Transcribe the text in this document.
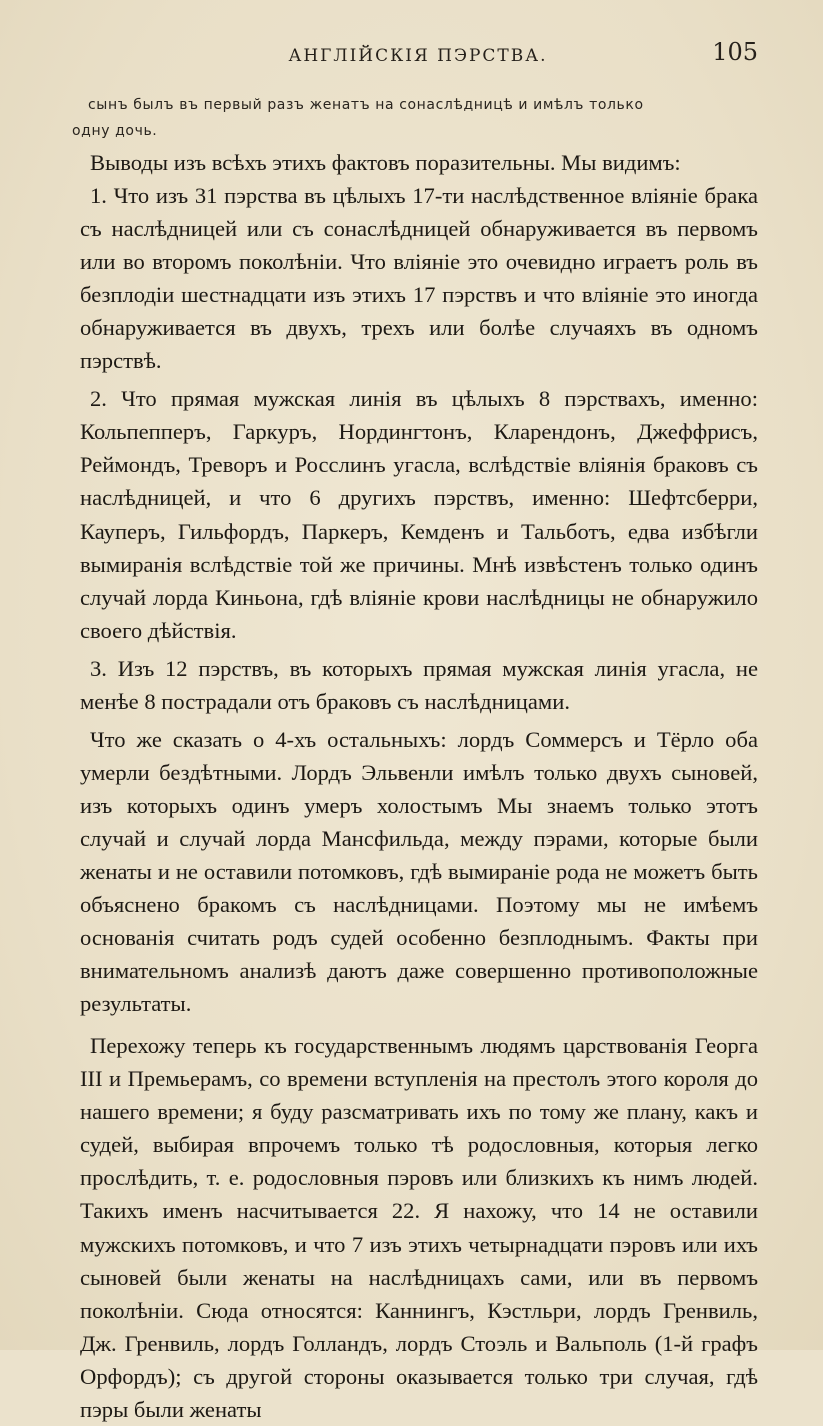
АНГЛІЙСКІЯ ПЭРСТВА.	105
сынъ былъ въ первый разъ женатъ на сонаслѣдницѣ и имѣлъ только
одну дочь.

Выводы изъ всѣхъ этихъ фактовъ поразительны. Мы видимъ:

1. Что изъ 31 пэрства въ цѣлыхъ 17-ти наслѣдственное вліяніе брака съ наслѣдницей или съ сонаслѣдницей обнаруживается въ первомъ или во второмъ поколѣніи. Что вліяніе это очевидно играетъ роль въ безплодіи шестнадцати изъ этихъ 17 пэрствъ и что вліяніе это иногда обнаруживается въ двухъ, трехъ или болѣе случаяхъ въ одномъ пэрствѣ.

2. Что прямая мужская линія въ цѣлыхъ 8 пэрствахъ, именно: Кольпепперъ, Гаркуръ, Нордингтонъ, Кларендонъ, Джеффрисъ, Реймондъ, Треворъ и Росслинъ угасла, вслѣдствіе вліянія браковъ съ наслѣдницей, и что 6 другихъ пэрствъ, именно: Шефтсберри, Кауперъ, Гильфордъ, Паркеръ, Кемденъ и Тальботъ, едва избѣгли вымиранія вслѣдствіе той же причины. Мнѣ извѣстенъ только одинъ случай лорда Киньона, гдѣ вліяніе крови наслѣдницы не обнаружило своего дѣйствія.

3. Изъ 12 пэрствъ, въ которыхъ прямая мужская линія угасла, не менѣе 8 пострадали отъ браковъ съ наслѣдницами.

Что же сказать о 4-хъ остальныхъ: лордъ Соммерсъ и Тёрло оба умерли бездѣтными. Лордъ Эльвенли имѣлъ только двухъ сыновей, изъ которыхъ одинъ умеръ холостымъ Мы знаемъ только этотъ случай и случай лорда Мансфильда, между пэрами, которые были женаты и не оставили потомковъ, гдѣ вымираніе рода не можетъ быть объяснено бракомъ съ наслѣдницами. Поэтому мы не имѣемъ основанія считать родъ судей особенно безплоднымъ. Факты при внимательномъ анализѣ даютъ даже совершенно противоположные результаты.

Перехожу теперь къ государственнымъ людямъ царствованія Георга III и Премьерамъ, со времени вступленія на престолъ этого короля до нашего времени; я буду разсматривать ихъ по тому же плану, какъ и судей, выбирая впрочемъ только тѣ родословныя, которыя легко прослѣдить, т. е. родословныя пэровъ или близкихъ къ нимъ людей. Такихъ именъ насчитывается 22. Я нахожу, что 14 не оставили мужскихъ потомковъ, и что 7 изъ этихъ четырнадцати пэровъ или ихъ сыновей были женаты на наслѣдницахъ сами, или въ первомъ поколѣніи. Сюда относятся: Каннингъ, Кэстльри, лордъ Гренвиль, Дж. Гренвиль, лордъ Голландъ, лордъ Стоэль и Вальполь (1-й графъ Орфордъ); съ другой стороны оказывается только три случая, гдѣ пэры были женаты
